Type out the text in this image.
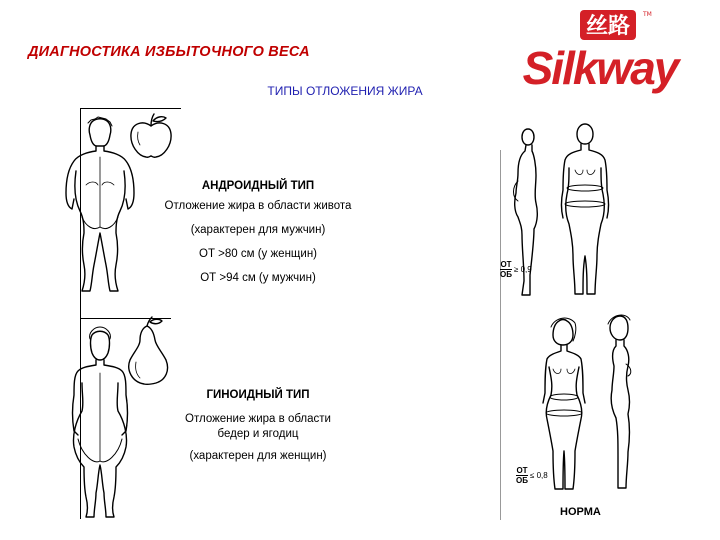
ДИАГНОСТИКА ИЗБЫТОЧНОГО ВЕСА
ТИПЫ ОТЛОЖЕНИЯ ЖИРА
丝路 TM
Silkway
АНДРОИДНЫЙ ТИП
Отложение жира в области живота
(характерен для мужчин)
ОТ >80 см (у женщин)
ОТ >94 см (у мужчин)
ГИНОИДНЫЙ ТИП
Отложение жира в области
бедер и ягодиц
(характерен для женщин)
$\frac{ОТ}{ОБ} \ge 0,9$
$\frac{ОТ}{ОБ} \le 0,8$
НОРМА
